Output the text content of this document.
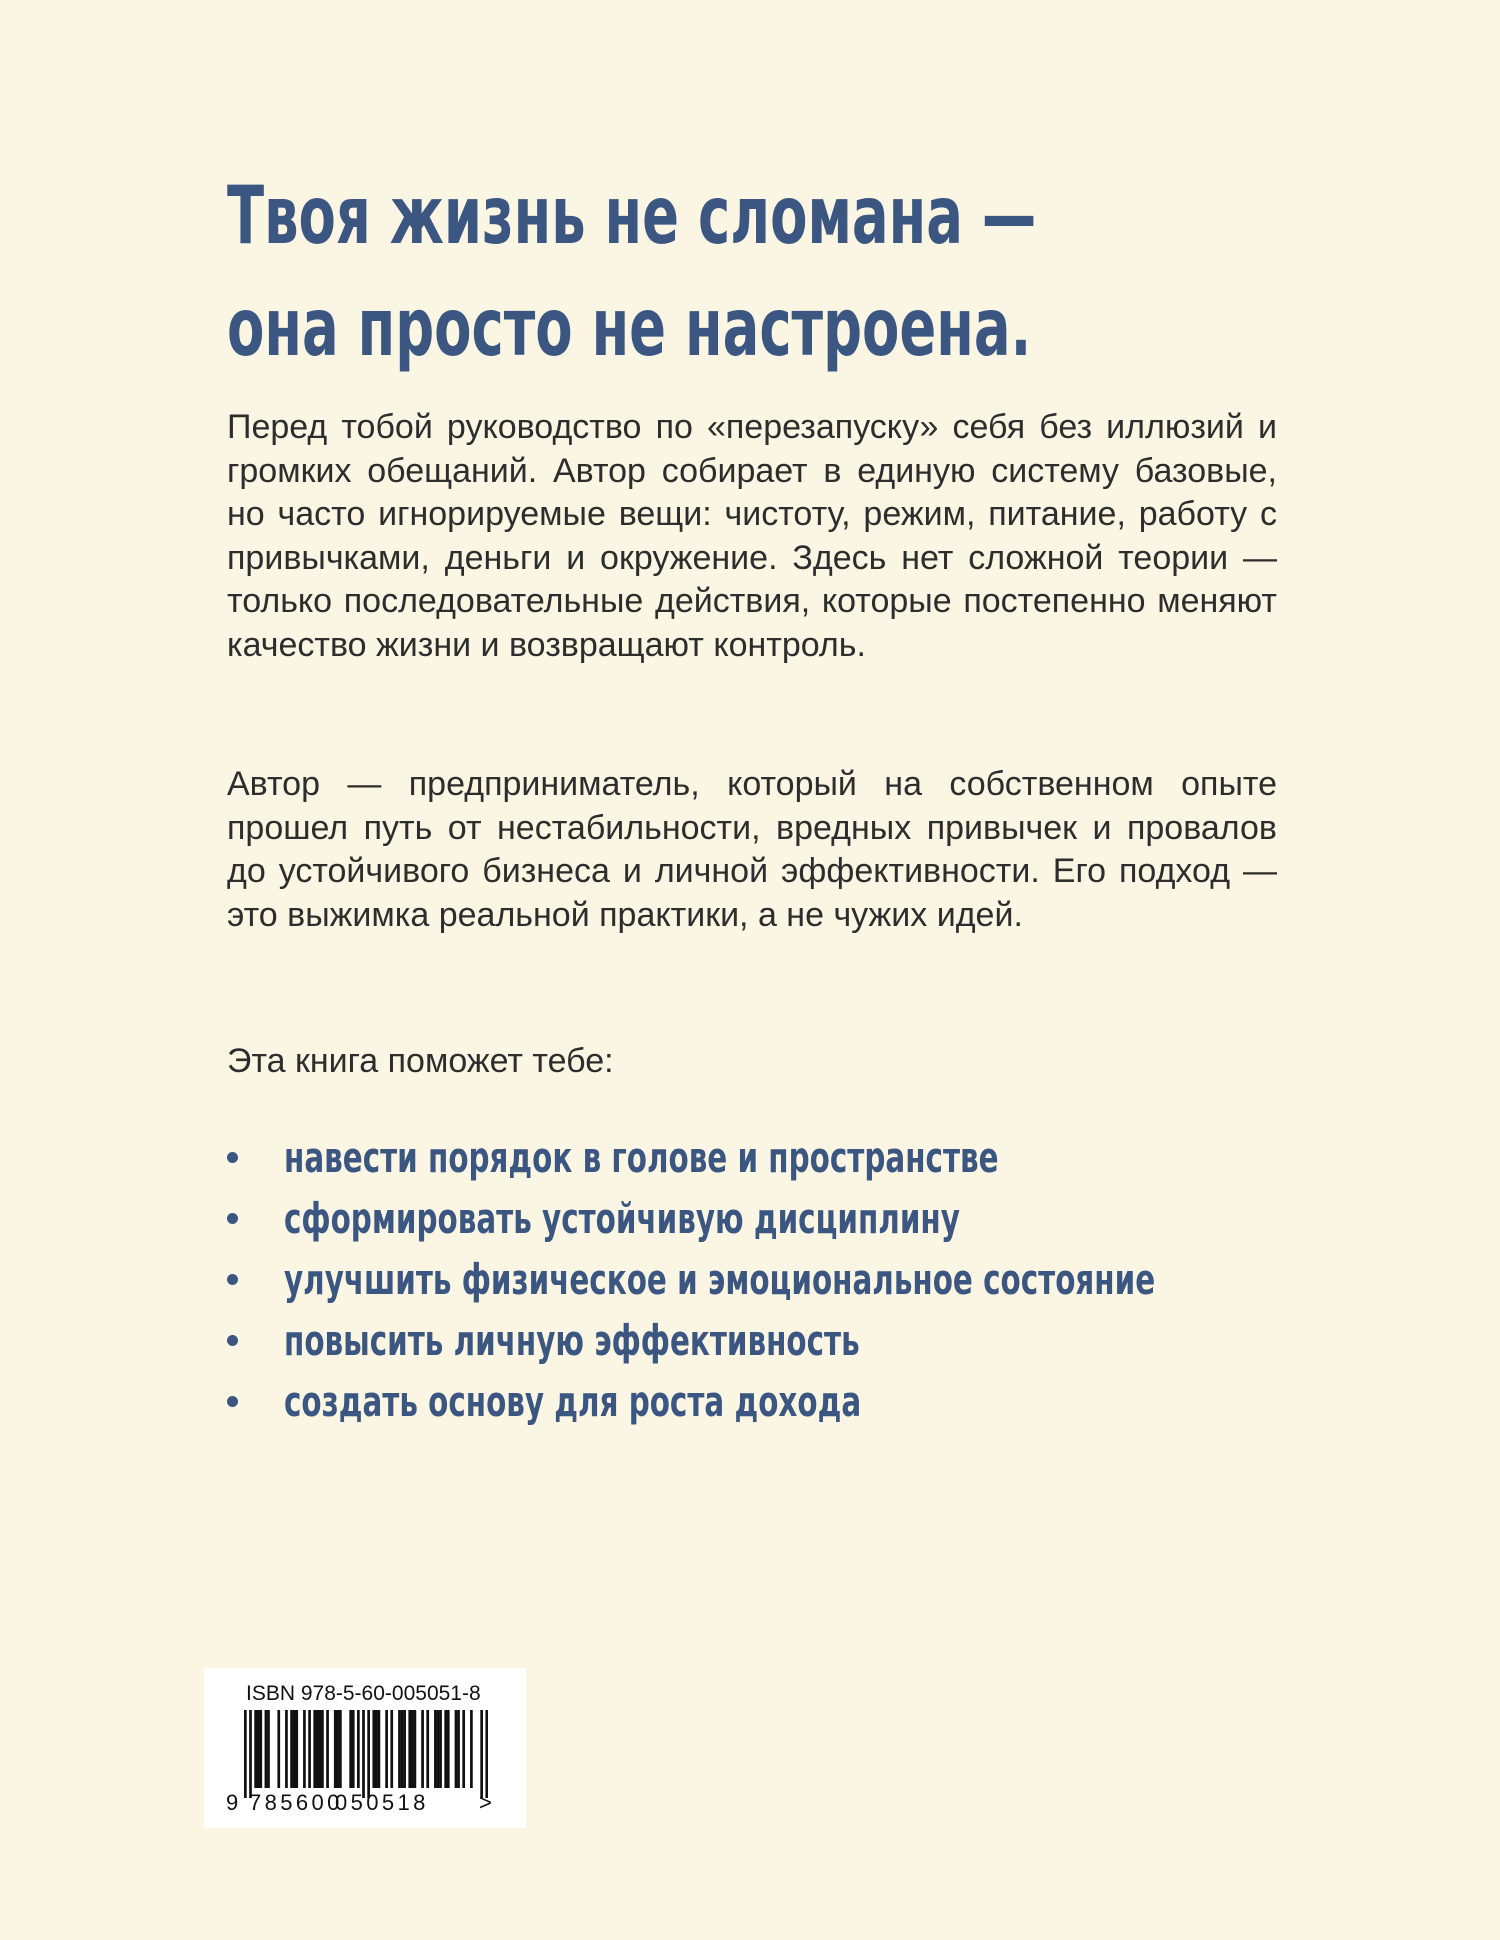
Твоя жизнь не сломана —
она просто не настроена.

Перед тобой руководство по «перезапуску» себя без иллюзий и громких обещаний. Автор собирает в единую систему базовые, но часто игнорируемые вещи: чистоту, режим, питание, работу с привычками, деньги и окружение. Здесь нет сложной теории — только последовательные действия, которые постепенно меняют качество жизни и возвращают контроль.

Автор — предприниматель, который на собственном опыте прошел путь от нестабильности, вредных привычек и провалов до устойчивого бизнеса и личной эффективности. Его подход — это выжимка реальной практики, а не чужих идей.

Эта книга поможет тебе:

навести порядок в голове и пространстве
сформировать устойчивую дисциплину
улучшить физическое и эмоциональное состояние
повысить личную эффективность
создать основу для роста дохода
ISBN 978-5-60-005051-8
9 785600
050518 >
